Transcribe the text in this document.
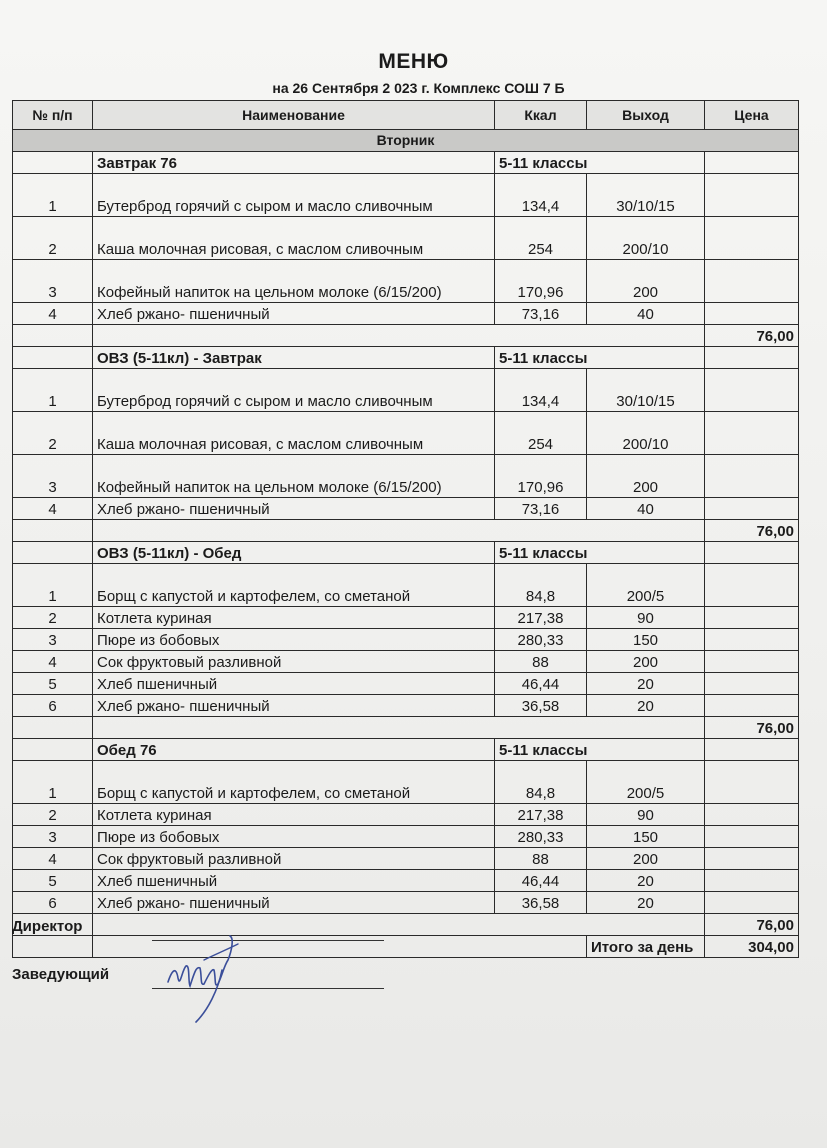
МЕНЮ
на 26 Сентября 2 023 г. Комплекс СОШ 7 Б
№ п/п	Наименование	Ккал	Выход	Цена
Вторник				
	Завтрак 76	5-11 классы		
1	Бутерброд горячий с сыром и масло сливочным	134,4	30/10/15	
2	Каша молочная рисовая, с маслом сливочным	254	200/10	
3	Кофейный напиток на цельном молоке (6/15/200)	170,96	200	
4	Хлеб ржано- пшеничный	73,16	40	
				76,00
	ОВЗ (5-11кл) - Завтрак	5-11 классы		
1	Бутерброд горячий с сыром и масло сливочным	134,4	30/10/15	
2	Каша молочная рисовая, с маслом сливочным	254	200/10	
3	Кофейный напиток на цельном молоке (6/15/200)	170,96	200	
4	Хлеб ржано- пшеничный	73,16	40	
				76,00
	ОВЗ (5-11кл) - Обед	5-11 классы		
1	Борщ с капустой и картофелем, со сметаной	84,8	200/5	
2	Котлета куриная	217,38	90	
3	Пюре из бобовых	280,33	150	
4	Сок фруктовый разливной	88	200	
5	Хлеб пшеничный	46,44	20	
6	Хлеб ржано- пшеничный	36,58	20	
				76,00
	Обед 76	5-11 классы		
1	Борщ с капустой и картофелем, со сметаной	84,8	200/5	
2	Котлета куриная	217,38	90	
3	Пюре из бобовых	280,33	150	
4	Сок фруктовый разливной	88	200	
5	Хлеб пшеничный	46,44	20	
6	Хлеб ржано- пшеничный	36,58	20	
				76,00
			Итого за день	304,00
Директор
Заведующий
